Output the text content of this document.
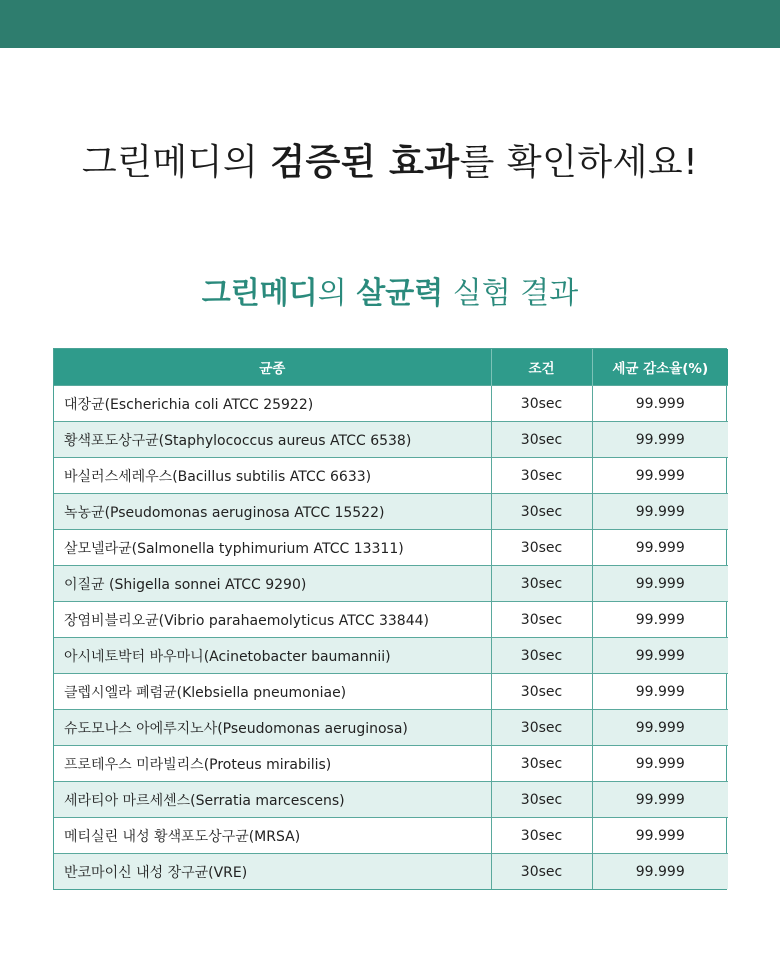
그린메디의 검증된 효과를 확인하세요!
그린메디의 살균력 실험 결과
균종	조건	세균 감소율(%)
대장균(Escherichia coli ATCC 25922)	30sec	99.999
황색포도상구균(Staphylococcus aureus ATCC 6538)	30sec	99.999
바실러스세레우스(Bacillus subtilis ATCC 6633)	30sec	99.999
녹농균(Pseudomonas aeruginosa ATCC 15522)	30sec	99.999
살모넬라균(Salmonella typhimurium ATCC 13311)	30sec	99.999
이질균 (Shigella sonnei ATCC 9290)	30sec	99.999
장염비블리오균(Vibrio parahaemolyticus ATCC 33844)	30sec	99.999
아시네토박터 바우마니(Acinetobacter baumannii)	30sec	99.999
클렙시엘라 폐렴균(Klebsiella pneumoniae)	30sec	99.999
슈도모나스 아에루지노사(Pseudomonas aeruginosa)	30sec	99.999
프로테우스 미라빌리스(Proteus mirabilis)	30sec	99.999
세라티아 마르세센스(Serratia marcescens)	30sec	99.999
메티실린 내성 황색포도상구균(MRSA)	30sec	99.999
반코마이신 내성 장구균(VRE)	30sec	99.999
